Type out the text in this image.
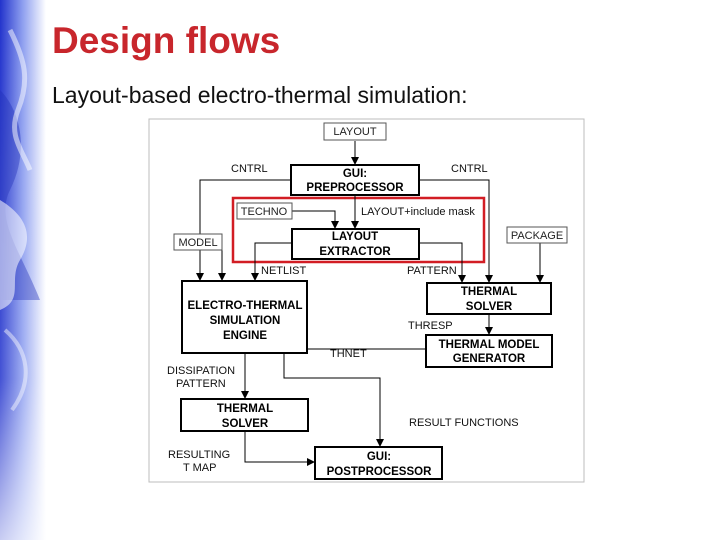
Design flows
Layout-based electro-thermal simulation:
LAYOUT
TECHNO
MODEL
PACKAGE
GUI:
PREPROCESSOR
LAYOUT
EXTRACTOR
ELECTRO-THERMAL
SIMULATION
ENGINE
THERMAL
SOLVER
THERMAL MODEL
GENERATOR
THERMAL
SOLVER
GUI:
POSTPROCESSOR
CNTRL	CNTRL
LAYOUT+include mask
NETLIST	PATTERN
THRESP
THNET
DISSIPATION
PATTERN
RESULT FUNCTIONS
RESULTING
T MAP
